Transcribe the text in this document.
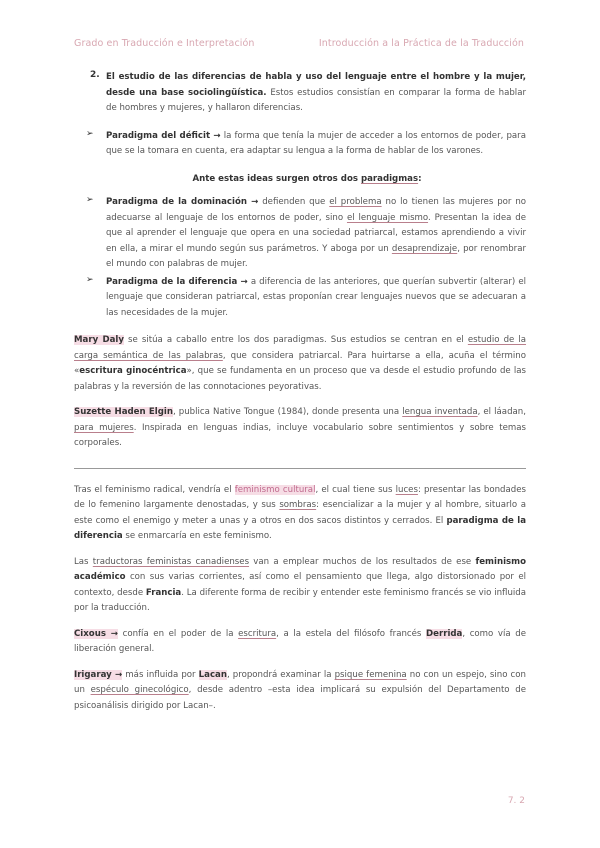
Grado en Traducción e Interpretación	Introducción a la Práctica de la Traducción
2. El estudio de las diferencias de habla y uso del lenguaje entre el hombre y la mujer, desde una base sociolingüística. Estos estudios consistían en comparar la forma de hablar de hombres y mujeres, y hallaron diferencias.

➢	Paradigma del déficit → la forma que tenía la mujer de acceder a los entornos de poder, para que se la tomara en cuenta, era adaptar su lengua a la forma de hablar de los varones.

Ante estas ideas surgen otros dos paradigmas:

➢	Paradigma de la dominación → defienden que el problema no lo tienen las mujeres por no adecuarse al lenguaje de los entornos de poder, sino el lenguaje mismo. Presentan la idea de que al aprender el lenguaje que opera en una sociedad patriarcal, estamos aprendiendo a vivir en ella, a mirar el mundo según sus parámetros. Y aboga por un desaprendizaje, por renombrar el mundo con palabras de mujer.

➢	Paradigma de la diferencia → a diferencia de las anteriores, que querían subvertir (alterar) el lenguaje que consideran patriarcal, estas proponían crear lenguajes nuevos que se adecuaran a las necesidades de la mujer.

Mary Daly se sitúa a caballo entre los dos paradigmas. Sus estudios se centran en el estudio de la carga semántica de las palabras, que considera patriarcal. Para huirtarse a ella, acuña el término «escritura ginocéntrica», que se fundamenta en un proceso que va desde el estudio profundo de las palabras y la reversión de las connotaciones peyorativas.

Suzette Haden Elgin, publica Native Tongue (1984), donde presenta una lengua inventada, el láadan, para mujeres. Inspirada en lenguas indias, incluye vocabulario sobre sentimientos y sobre temas corporales.

Tras el feminismo radical, vendría el feminismo cultural, el cual tiene sus luces: presentar las bondades de lo femenino largamente denostadas, y sus sombras: esencializar a la mujer y al hombre, situarlo a este como el enemigo y meter a unas y a otros en dos sacos distintos y cerrados. El paradigma de la diferencia se enmarcaría en este feminismo.

Las traductoras feministas canadienses van a emplear muchos de los resultados de ese feminismo académico con sus varias corrientes, así como el pensamiento que llega, algo distorsionado por el contexto, desde Francia. La diferente forma de recibir y entender este feminismo francés se vio influida por la traducción.

Cixous → confía en el poder de la escritura, a la estela del filósofo francés Derrida, como vía de liberación general.

Irigaray → más influida por Lacan, propondrá examinar la psique femenina no con un espejo, sino con un espéculo ginecológico, desde adentro –esta idea implicará su expulsión del Departamento de psicoanálisis dirigido por Lacan–.

7. 2
